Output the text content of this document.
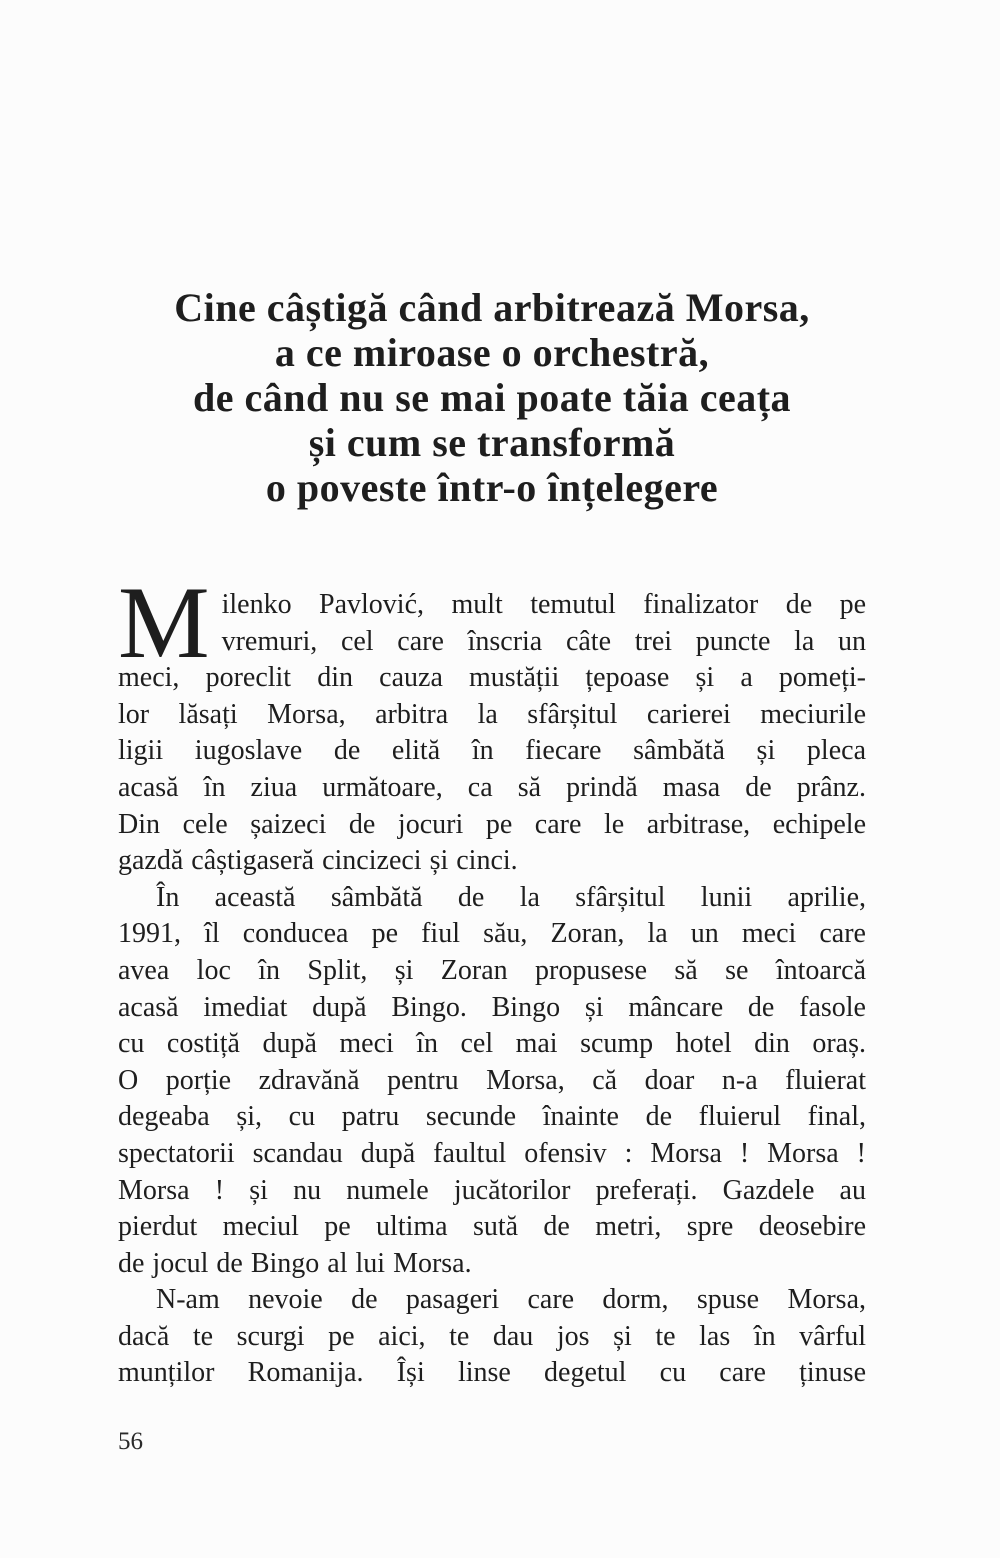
Cine câștigă când arbitrează Morsa,
a ce miroase o orchestră,
de când nu se mai poate tăia ceața
și cum se transformă
o poveste într-o înțelegere
M ilenko Pavlović, mult temutul finalizator de pe
vremuri, cel care înscria câte trei puncte la un
meci, poreclit din cauza mustății țepoase și a pomeți-
lor lăsați Morsa, arbitra la sfârșitul carierei meciurile
ligii iugoslave de elită în fiecare sâmbătă și pleca
acasă în ziua următoare, ca să prindă masa de prânz.
Din cele șaizeci de jocuri pe care le arbitrase, echipele
gazdă câștigaseră cincizeci și cinci.
În această sâmbătă de la sfârșitul lunii aprilie,
1991, îl conducea pe fiul său, Zoran, la un meci care
avea loc în Split, și Zoran propusese să se întoarcă
acasă imediat după Bingo. Bingo și mâncare de fasole
cu costiță după meci în cel mai scump hotel din oraș.
O porție zdravănă pentru Morsa, că doar n-a fluierat
degeaba și, cu patru secunde înainte de fluierul final,
spectatorii scandau după faultul ofensiv : Morsa ! Morsa !
Morsa ! și nu numele jucătorilor preferați. Gazdele au
pierdut meciul pe ultima sută de metri, spre deosebire
de jocul de Bingo al lui Morsa.
N-am nevoie de pasageri care dorm, spuse Morsa,
dacă te scurgi pe aici, te dau jos și te las în vârful
munților Romanija. Își linse degetul cu care ținuse
56
